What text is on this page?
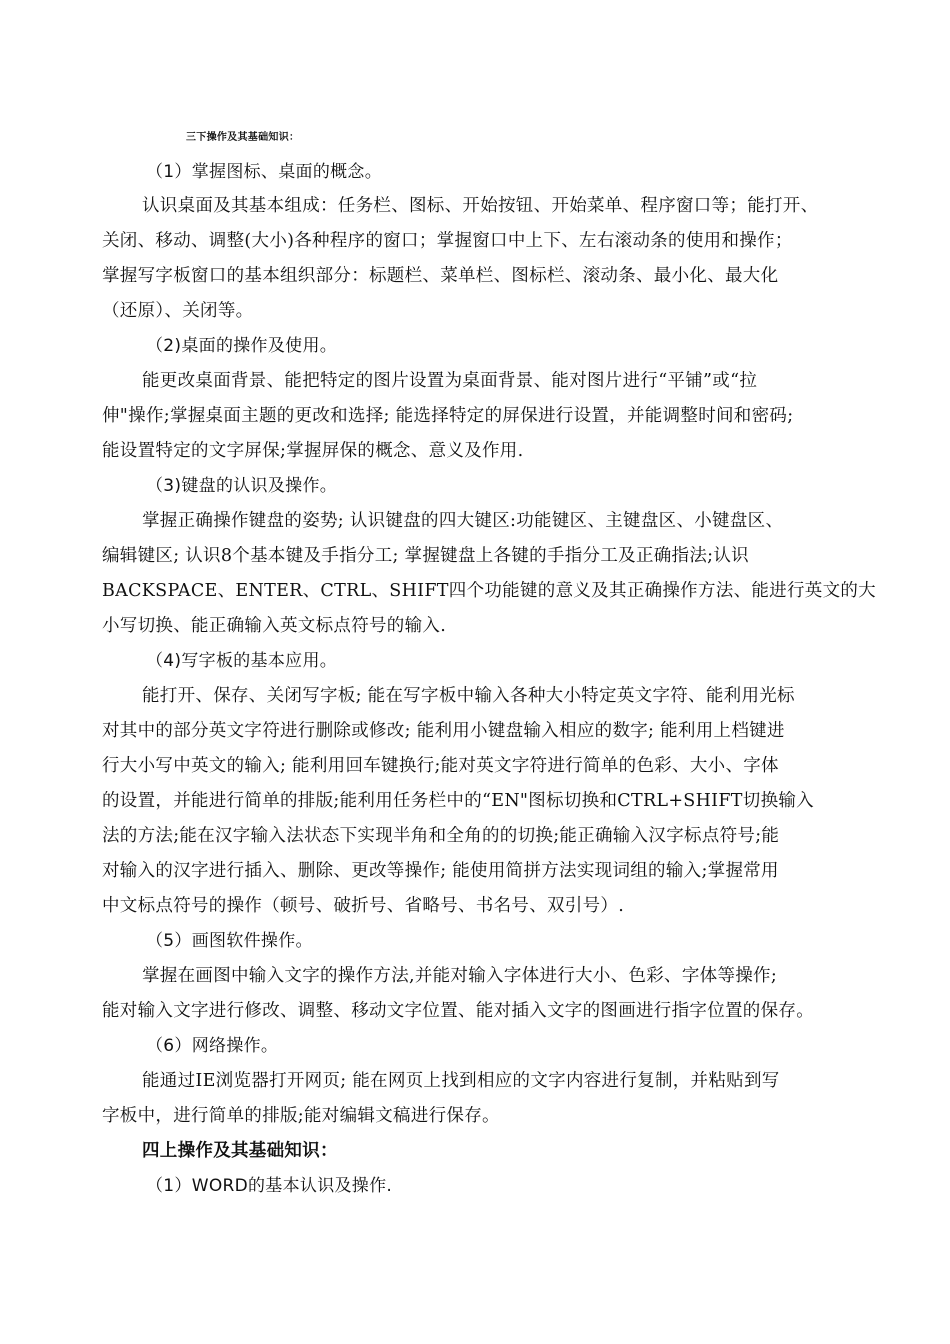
三下操作及其基础知识：
（1）掌握图标、桌面的概念。
认识桌面及其基本组成：任务栏、图标、开始按钮、开始菜单、程序窗口等；能打开、
关闭、移动、调整(大小)各种程序的窗口；掌握窗口中上下、左右滚动条的使用和操作；
掌握写字板窗口的基本组织部分：标题栏、菜单栏、图标栏、滚动条、最小化、最大化
（还原）、关闭等。
（2)桌面的操作及使用。
能更改桌面背景、能把特定的图片设置为桌面背景、能对图片进行“平铺”或“拉
伸"操作;掌握桌面主题的更改和选择; 能选择特定的屏保进行设置，并能调整时间和密码;
能设置特定的文字屏保;掌握屏保的概念、意义及作用.
（3)键盘的认识及操作。
掌握正确操作键盘的姿势; 认识键盘的四大键区:功能键区、主键盘区、小键盘区、
编辑键区; 认识8个基本键及手指分工; 掌握键盘上各键的手指分工及正确指法;认识
BACKSPACE、ENTER、CTRL、SHIFT四个功能键的意义及其正确操作方法、能进行英文的大
小写切换、能正确输入英文标点符号的输入.
（4)写字板的基本应用。
能打开、保存、关闭写字板; 能在写字板中输入各种大小特定英文字符、能利用光标
对其中的部分英文字符进行删除或修改; 能利用小键盘输入相应的数字; 能利用上档键进
行大小写中英文的输入; 能利用回车键换行;能对英文字符进行简单的色彩、大小、字体
的设置，并能进行简单的排版;能利用任务栏中的“EN"图标切换和CTRL+SHIFT切换输入
法的方法;能在汉字输入法状态下实现半角和全角的的切换;能正确输入汉字标点符号;能
对输入的汉字进行插入、删除、更改等操作; 能使用简拼方法实现词组的输入;掌握常用
中文标点符号的操作（顿号、破折号、省略号、书名号、双引号）.
（5）画图软件操作。
掌握在画图中输入文字的操作方法,并能对输入字体进行大小、色彩、字体等操作;
能对输入文字进行修改、调整、移动文字位置、能对插入文字的图画进行指字位置的保存。
（6）网络操作。
能通过IE浏览器打开网页; 能在网页上找到相应的文字内容进行复制，并粘贴到写
字板中，进行简单的排版;能对编辑文稿进行保存。
四上操作及其基础知识：
（1）WORD的基本认识及操作.
